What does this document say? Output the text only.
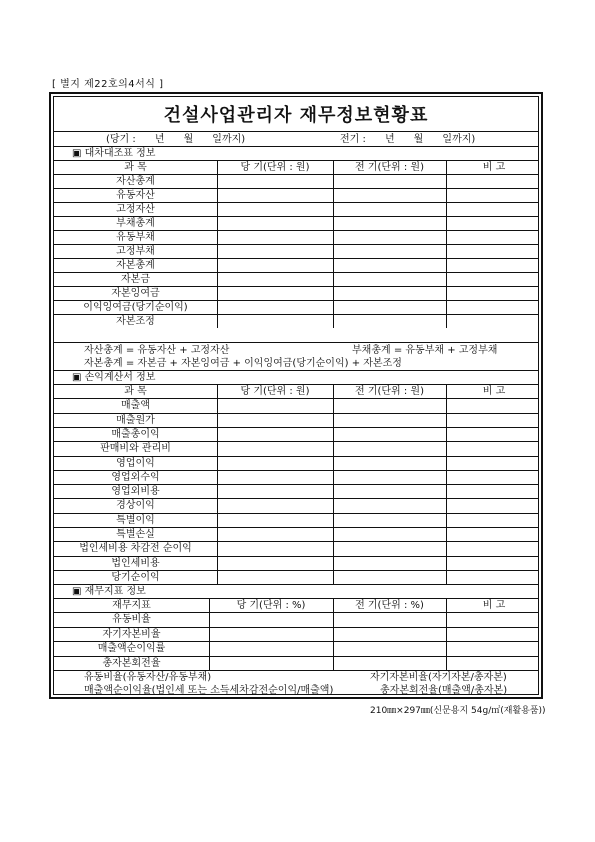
[ 별지 제22호의4서식 ]
건설사업관리자 재무정보현황표
(당기 :      년      월      일까지)	전기 :      년      월      일까지)
▣ 대차대조표 정보
과 목	당 기(단위 : 원)	전 기(단위 : 원)	비 고
자산총계
유동자산
고정자산
부채총계
유동부채
고정부채
자본총계
자본금
자본잉여금
이익잉여금(당기순이익)
자본조정
자산총계 = 유동자산 + 고정자산	부채총계 = 유동부채 + 고정부채
자본총계 = 자본금 + 자본잉여금 + 이익잉여금(당기순이익) + 자본조정
▣ 손익계산서 정보
과 목	당 기(단위 : 원)	전 기(단위 : 원)	비 고
매출액
매출원가
매출총이익
판매비와 관리비
영업이익
영업외수익
영업외비용
경상이익
특별이익
특별손실
법인세비용 차감전 순이익
법인세비용
당기순이익
▣ 재무지표 정보
재무지표	당 기(단위 : %)	전 기(단위 : %)	비 고
유동비율
자기자본비율
매출액순이익률
총자본회전율
유동비율(유동자산/유동부채)	자기자본비율(자기자본/총자본)
매출액순이익율(법인세 또는 소득세차감전순이익/매출액)	총자본회전율(매출액/총자본)
210㎜×297㎜(신문용지 54g/㎡(재활용품))
